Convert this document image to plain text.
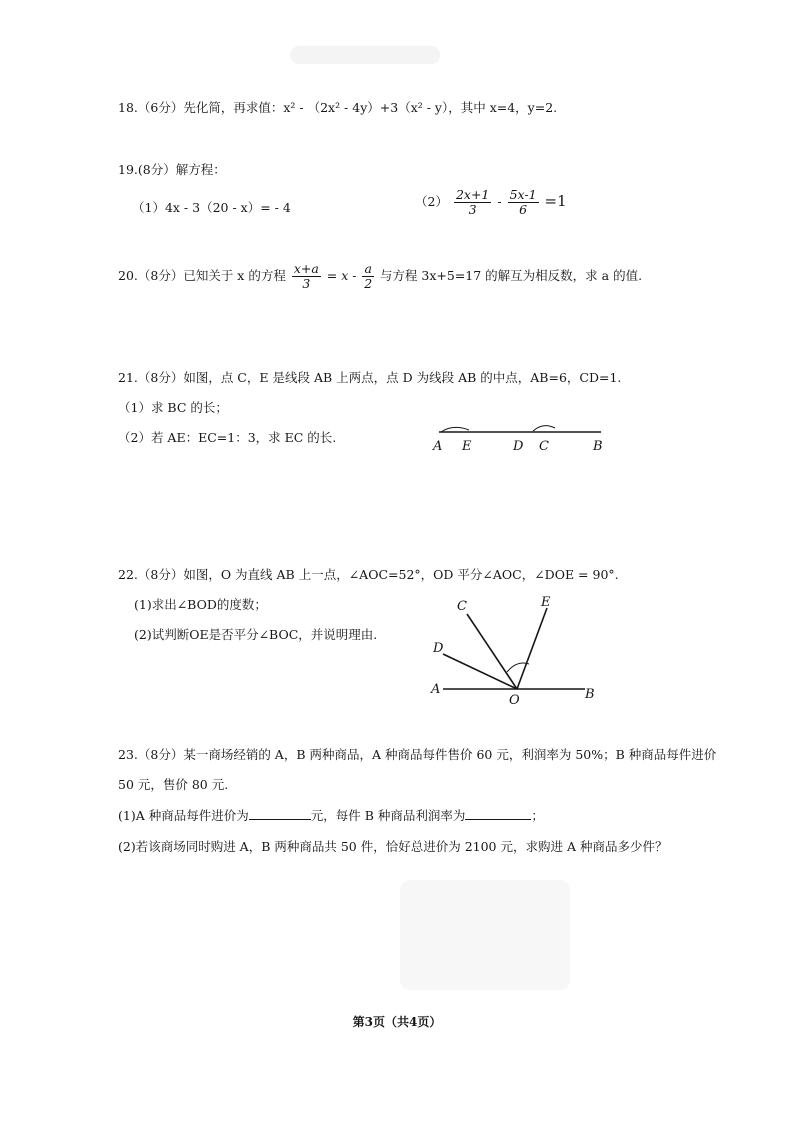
18.（6分）先化简，再求值：x² - （2x² - 4y）+3（x² - y），其中 x=4，y=2.
19.(8分）解方程：
（1）4x - 3（20 - x）= - 4	$(2) \frac{2x+1}{3} - \frac{5x-1}{6} =1$
20.（8分）已知关于 x 的方程 $\frac{x+a}{3} = x - \frac{a}{2}$ 与方程 3x+5=17 的解互为相反数，求 a 的值.
21.（8分）如图，点 C，E 是线段 AB 上两点，点 D 为线段 AB 的中点，AB=6，CD=1.
（1）求 BC 的长；
（2）若 AE：EC=1：3，求 EC 的长.
A E	D C	B
22.（8分）如图，O 为直线 AB 上一点，∠AOC=52°，OD 平分∠AOC，∠DOE = 90°.
(1)求出∠BOD的度数；
(2)试判断OE是否平分∠BOC，并说明理由.
A	B
O
C
D
E
23.（8分）某一商场经销的 A，B 两种商品，A 种商品每件售价 60 元，利润率为 50%；B 种商品每件进价
50 元，售价 80 元.
(1)A 种商品每件进价为	元，每件 B 种商品利润率为	；
(2)若该商场同时购进 A，B 两种商品共 50 件，恰好总进价为 2100 元，求购进 A 种商品多少件？
第3页（共4页）
